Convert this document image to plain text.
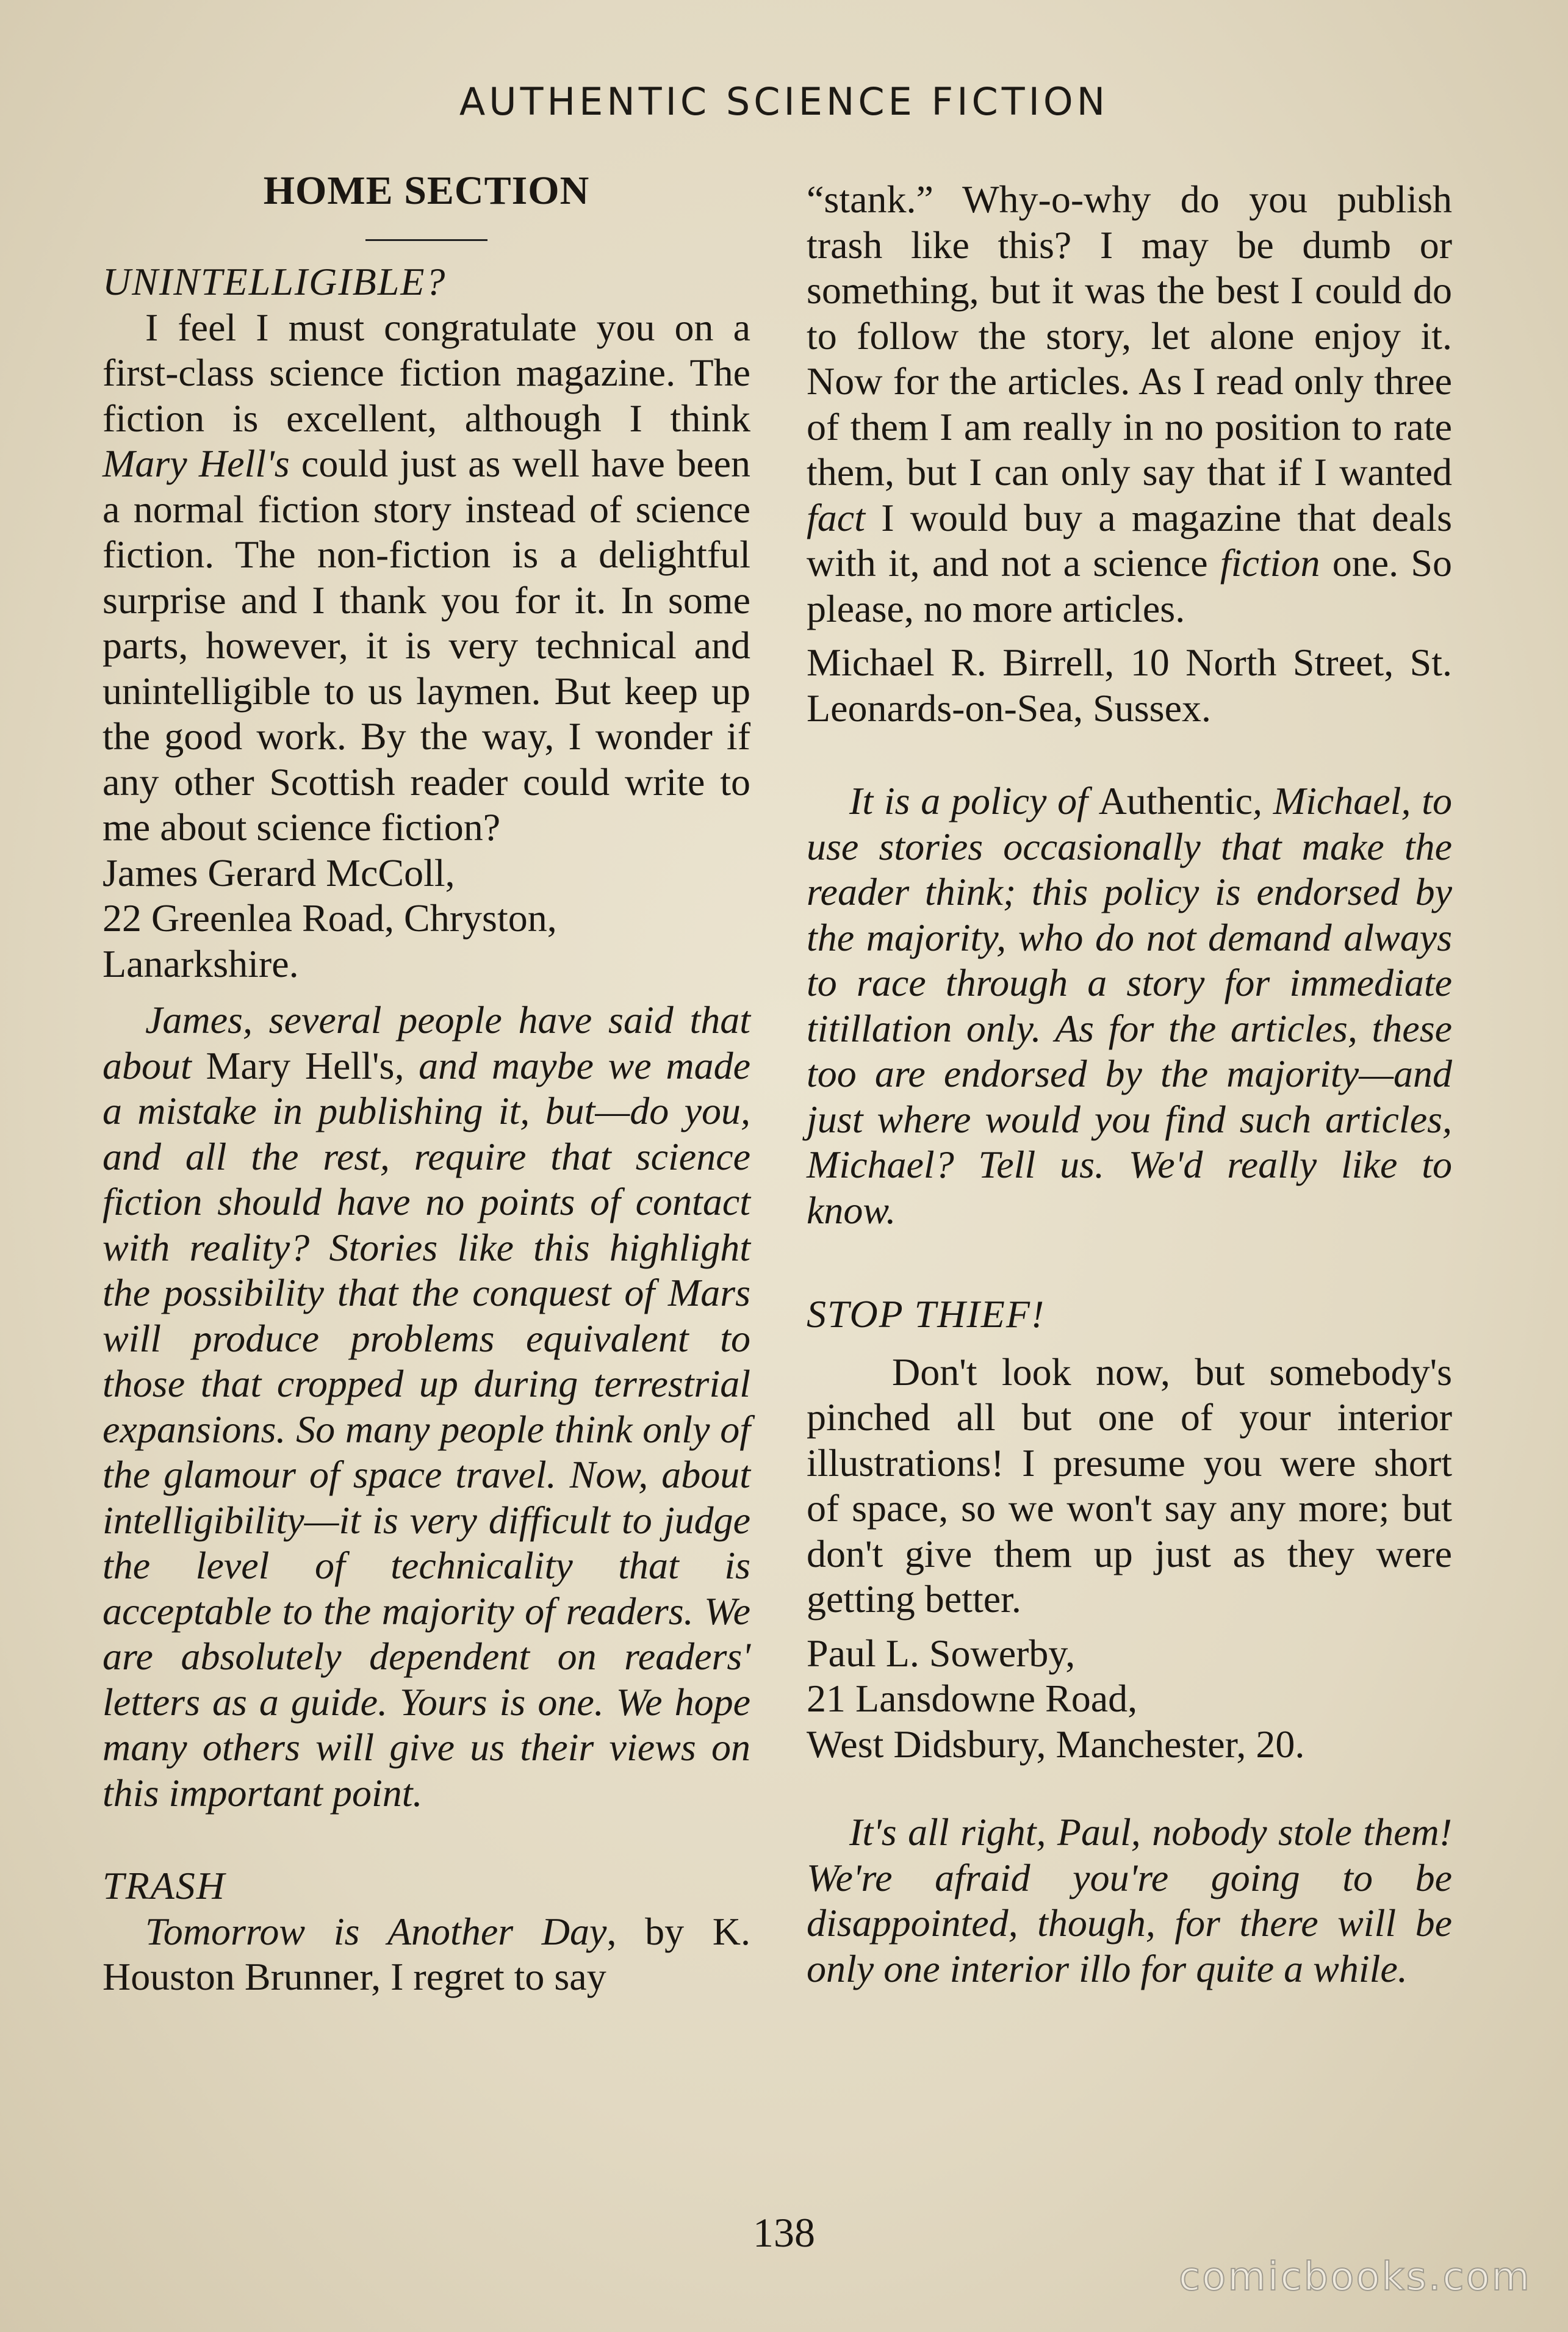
AUTHENTIC SCIENCE FICTION
HOME SECTION

UNINTELLIGIBLE?

I feel I must congratulate you on a first-class science fiction magazine. The fiction is excellent, although I think Mary Hell's could just as well have been a normal fiction story instead of science fiction. The non-fiction is a delightful surprise and I thank you for it. In some parts, however, it is very technical and unintelligible to us laymen. But keep up the good work. By the way, I wonder if any other Scottish reader could write to me about science fiction?

James Gerard McColl,
22 Greenlea Road, Chryston,
Lanarkshire.

James, several people have said that about Mary Hell's, and maybe we made a mistake in publishing it, but—do you, and all the rest, require that science fiction should have no points of contact with reality? Stories like this highlight the possibility that the conquest of Mars will produce problems equivalent to those that cropped up during terrestrial expansions. So many people think only of the glamour of space travel. Now, about intelligibility—it is very difficult to judge the level of technicality that is acceptable to the majority of readers. We are absolutely dependent on readers' letters as a guide. Yours is one. We hope many others will give us their views on this important point.

TRASH

Tomorrow is Another Day, by K. Houston Brunner, I regret to say

“stank.” Why-o-why do you publish trash like this? I may be dumb or something, but it was the best I could do to follow the story, let alone enjoy it. Now for the articles. As I read only three of them I am really in no position to rate them, but I can only say that if I wanted fact I would buy a magazine that deals with it, and not a science fiction one. So please, no more articles.

Michael R. Birrell, 10 North Street, St. Leonards-on-Sea, Sussex.

It is a policy of Authentic, Michael, to use stories occasionally that make the reader think; this policy is endorsed by the majority, who do not demand always to race through a story for immediate titillation only. As for the articles, these too are endorsed by the majority—and just where would you find such articles, Michael? Tell us. We'd really like to know.

STOP THIEF!

Don't look now, but somebody's pinched all but one of your interior illustrations! I presume you were short of space, so we won't say any more; but don't give them up just as they were getting better.

Paul L. Sowerby,
21 Lansdowne Road,
West Didsbury, Manchester, 20.

It's all right, Paul, nobody stole them! We're afraid you're going to be disappointed, though, for there will be only one interior illo for quite a while.

138
comicbooks.com
